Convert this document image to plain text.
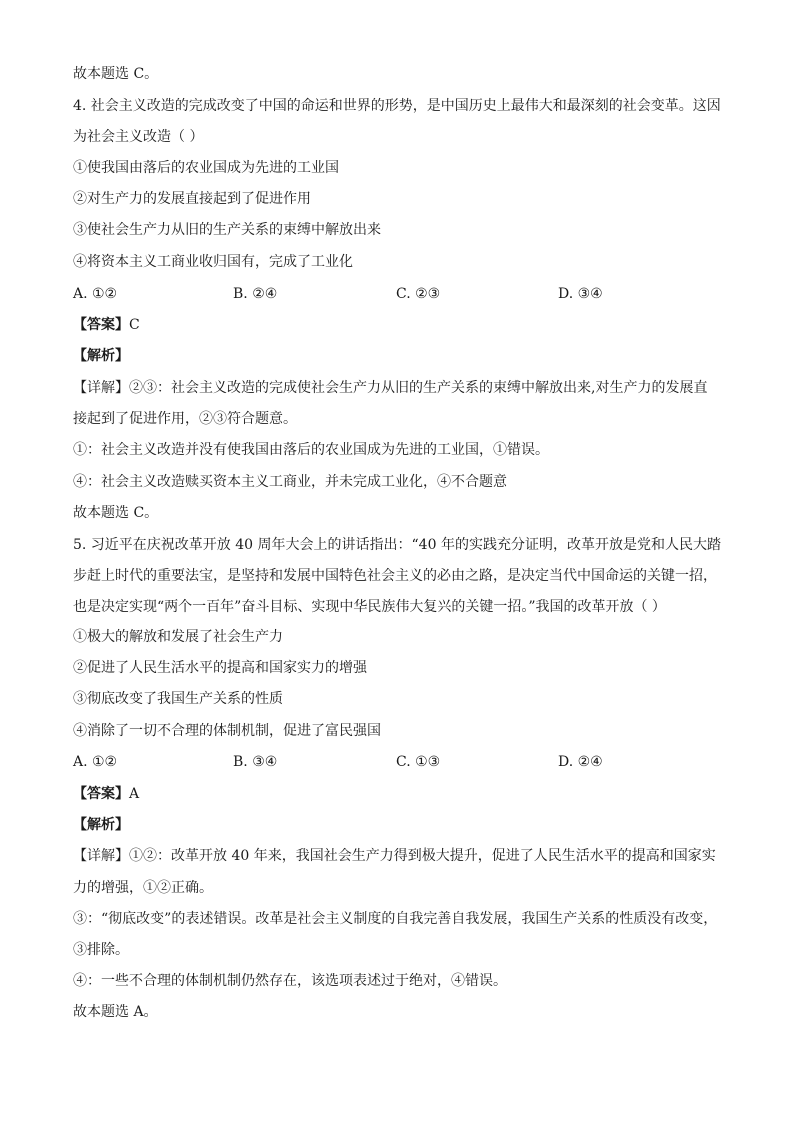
故本题选 C。
4. 社会主义改造的完成改变了中国的命运和世界的形势，是中国历史上最伟大和最深刻的社会变革。这因
为社会主义改造（ ）
①使我国由落后的农业国成为先进的工业国
②对生产力的发展直接起到了促进作用
③使社会生产力从旧的生产关系的束缚中解放出来
④将资本主义工商业收归国有，完成了工业化
A. ①②	B. ②④	C. ②③	D. ③④
【答案】C
【解析】
【详解】②③：社会主义改造的完成使社会生产力从旧的生产关系的束缚中解放出来,对生产力的发展直
接起到了促进作用，②③符合题意。
①：社会主义改造并没有使我国由落后的农业国成为先进的工业国，①错误。
④：社会主义改造赎买资本主义工商业，并未完成工业化，④不合题意
故本题选 C。
5. 习近平在庆祝改革开放 40 周年大会上的讲话指出：“40 年的实践充分证明，改革开放是党和人民大踏
步赶上时代的重要法宝，是坚持和发展中国特色社会主义的必由之路，是决定当代中国命运的关键一招，
也是决定实现“两个一百年”奋斗目标、实现中华民族伟大复兴的关键一招。”我国的改革开放（ ）
①极大的解放和发展了社会生产力
②促进了人民生活水平的提高和国家实力的增强
③彻底改变了我国生产关系的性质
④消除了一切不合理的体制机制，促进了富民强国
A. ①②	B. ③④	C. ①③	D. ②④
【答案】A
【解析】
【详解】①②：改革开放 40 年来，我国社会生产力得到极大提升，促进了人民生活水平的提高和国家实
力的增强，①②正确。
③：“彻底改变”的表述错误。改革是社会主义制度的自我完善自我发展，我国生产关系的性质没有改变，
③排除。
④：一些不合理的体制机制仍然存在，该选项表述过于绝对，④错误。
故本题选 A。
